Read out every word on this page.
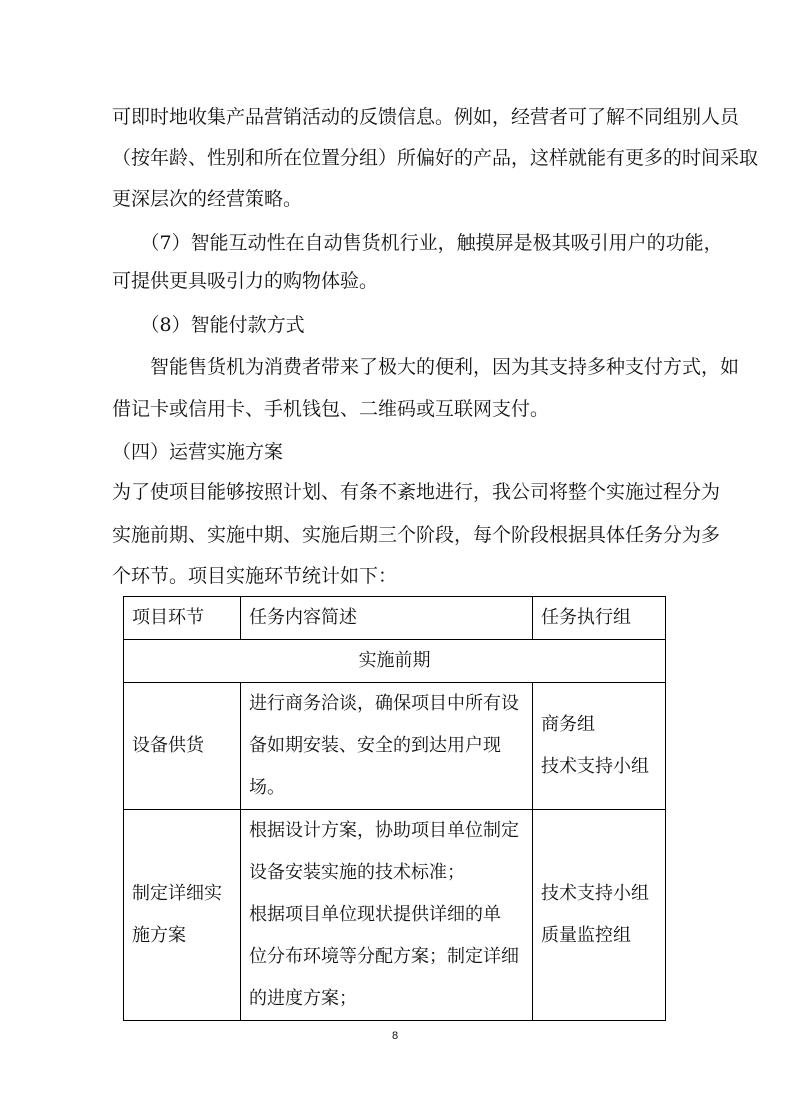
可即时地收集产品营销活动的反馈信息。例如，经营者可了解不同组别人员
（按年龄、性别和所在位置分组）所偏好的产品，这样就能有更多的时间采取
更深层次的经营策略。
　　（7）智能互动性在自动售货机行业，触摸屏是极其吸引用户的功能，
可提供更具吸引力的购物体验。
　　（8）智能付款方式
　　智能售货机为消费者带来了极大的便利，因为其支持多种支付方式，如
借记卡或信用卡、手机钱包、二维码或互联网支付。
（四）运营实施方案
为了使项目能够按照计划、有条不紊地进行，我公司将整个实施过程分为
实施前期、实施中期、实施后期三个阶段，每个阶段根据具体任务分为多
个环节。项目实施环节统计如下：
项目环节	任务内容简述	任务执行组
实施前期		

设备供货	进行商务洽谈，确保项目中所有设
备如期安装、安全的到达用户现
场。	商务组
技术支持小组

制定详细实
施方案	根据设计方案，协助项目单位制定
设备安装实施的技术标准；
根据项目单位现状提供详细的单
位分布环境等分配方案；制定详细
的进度方案；	技术支持小组
质量监控组
8
